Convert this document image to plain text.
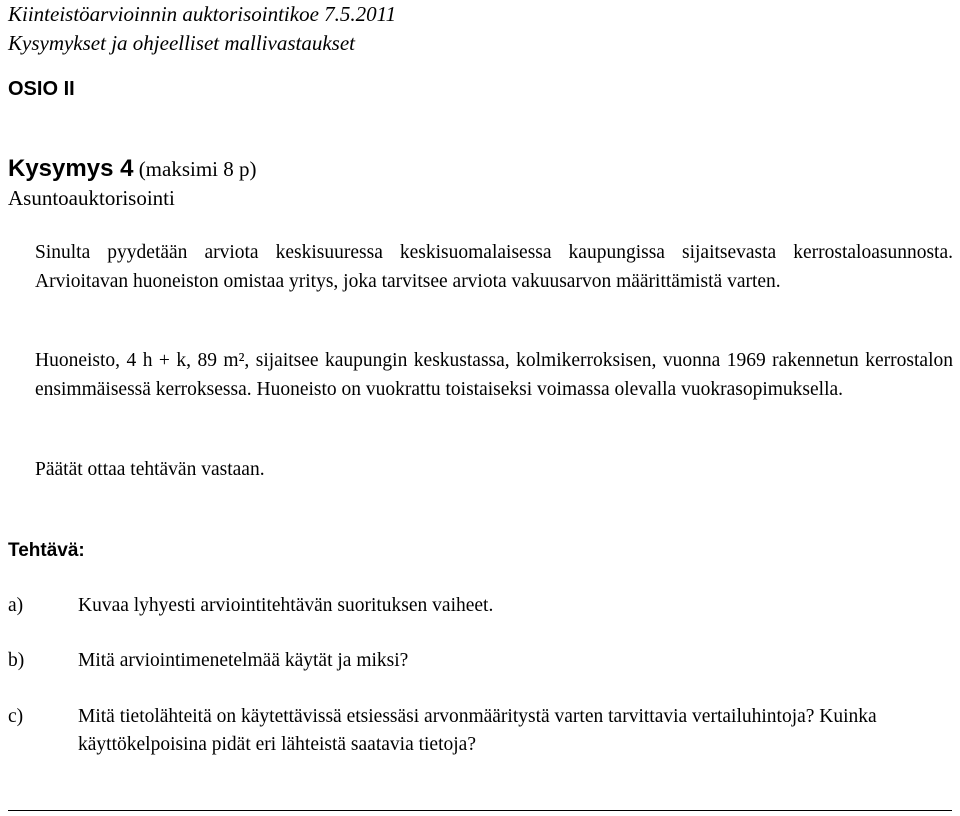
Kiinteistöarvioinnin auktorisointikoe 7.5.2011
Kysymykset ja ohjeelliset mallivastaukset
OSIO II
Kysymys 4 (maksimi 8 p)
Asuntoauktorisointi
Sinulta pyydetään arviota keskisuuressa keskisuomalaisessa kaupungissa sijaitsevasta kerrostaloasunnosta. Arvioitavan huoneiston omistaa yritys, joka tarvitsee arviota vakuusarvon määrittämistä varten.
Huoneisto, 4 h + k, 89 m², sijaitsee kaupungin keskustassa, kolmikerroksisen, vuonna 1969 rakennetun kerrostalon ensimmäisessä kerroksessa. Huoneisto on vuokrattu toistaiseksi voimassa olevalla vuokrasopimuksella.
Päätät ottaa tehtävän vastaan.
Tehtävä:
a)	Kuvaa lyhyesti arviointitehtävän suorituksen vaiheet.
b)	Mitä arviointimenetelmää käytät ja miksi?
c)	Mitä tietolähteitä on käytettävissä etsiessäsi arvonmääritystä varten tarvittavia vertailuhintoja? Kuinka käyttökelpoisina pidät eri lähteistä saatavia tietoja?
